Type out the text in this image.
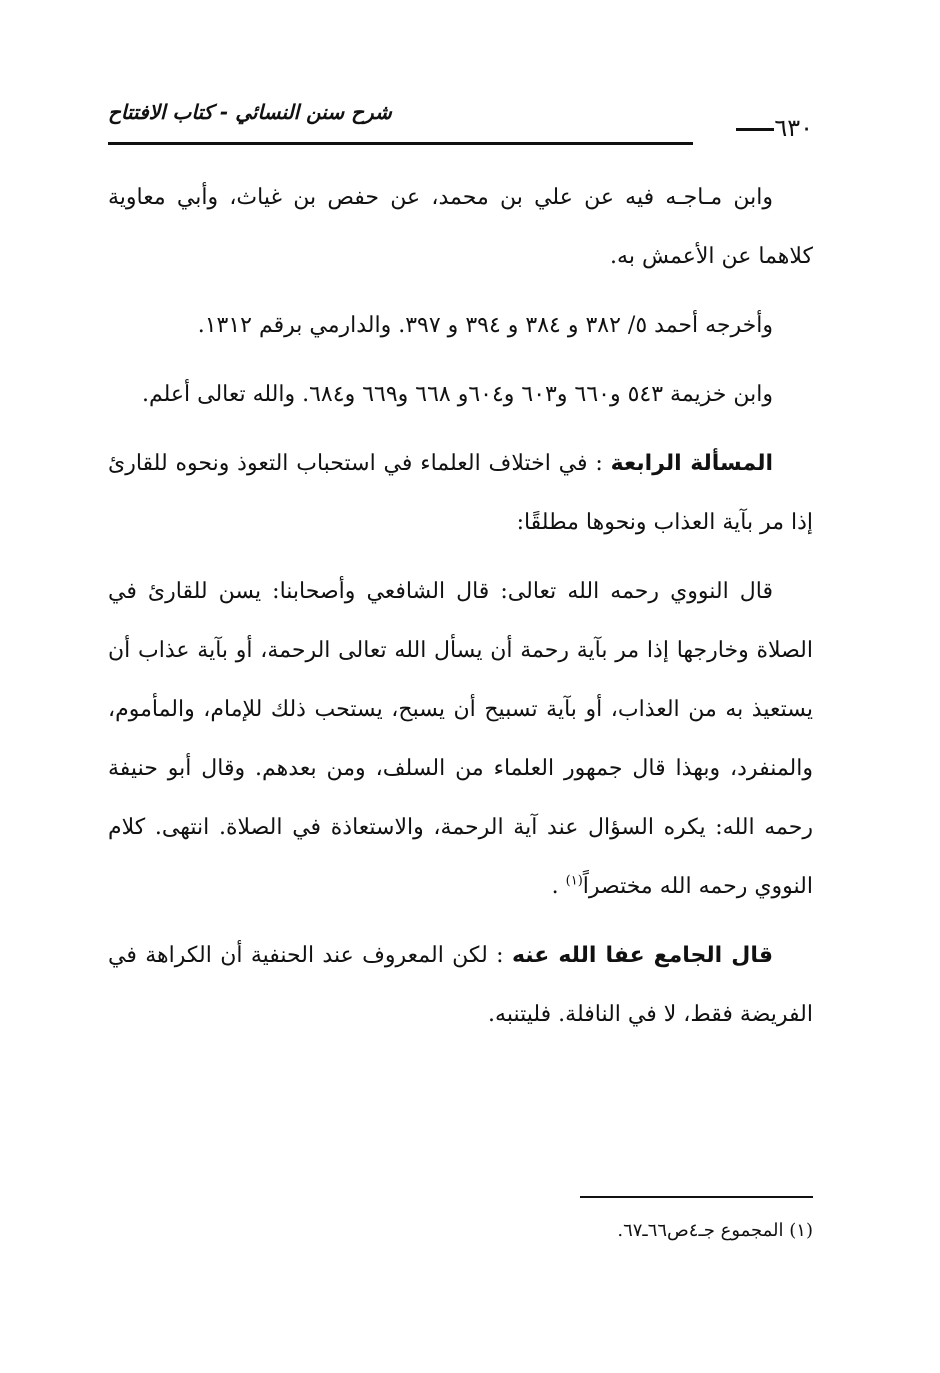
شرح سنن النسائي - كتاب الافتتاح
٦٣٠

وابن مـاجـه فيه عن علي بن محمد، عن حفص بن غياث، وأبي معاوية كلاهما عن الأعمش به.

وأخرجه أحمد ٥/ ٣٨٢ و ٣٨٤ و ٣٩٤ و ٣٩٧. والدارمي برقم ١٣١٢.

وابن خزيمة ٥٤٣ و٦٦٠ و٦٠٣ و٦٠٤و ٦٦٨ و٦٦٩ و٦٨٤. والله تعالى أعلم.

المسألة الرابعة : في اختلاف العلماء في استحباب التعوذ ونحوه للقارئ إذا مر بآية العذاب ونحوها مطلقًا:

قال النووي رحمه الله تعالى: قال الشافعي وأصحابنا: يسن للقارئ في الصلاة وخارجها إذا مر بآية رحمة أن يسأل الله تعالى الرحمة، أو بآية عذاب أن يستعيذ به من العذاب، أو بآية تسبيح أن يسبح، يستحب ذلك للإمام، والمأموم، والمنفرد، وبهذا قال جمهور العلماء من السلف، ومن بعدهم. وقال أبو حنيفة رحمه الله: يكره السؤال عند آية الرحمة، والاستعاذة في الصلاة. انتهى. كلام النووي رحمه الله مختصراً$^{(١)}$ .

قال الجامع عفا الله عنه : لكن المعروف عند الحنفية أن الكراهة في الفريضة فقط، لا في النافلة. فليتنبه.

(١) المجموع جـ٤ص٦٦ـ٦٧.
